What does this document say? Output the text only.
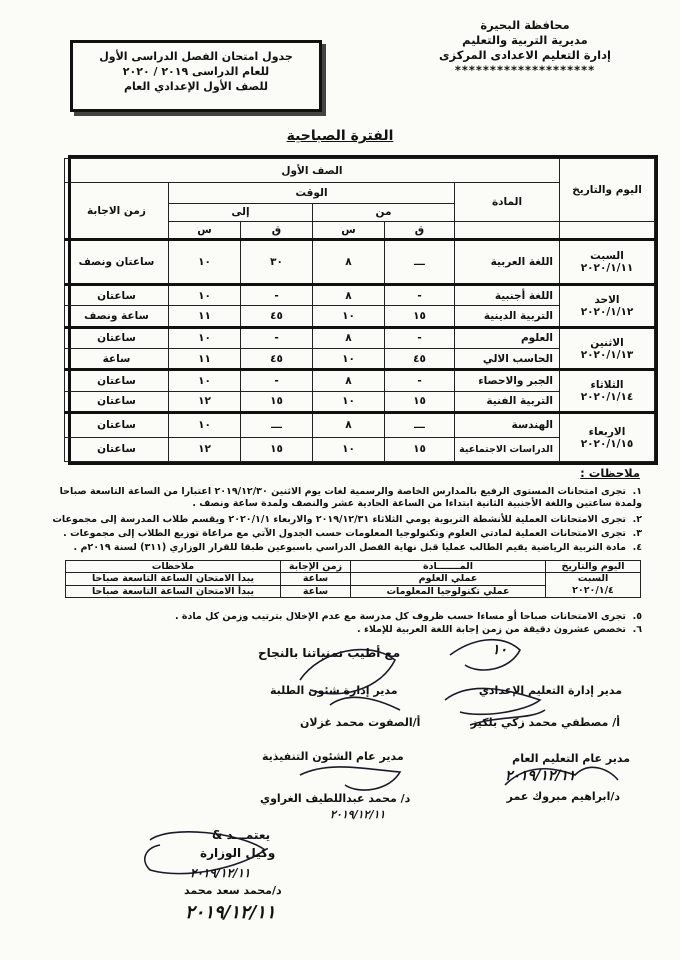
محافظة البحيرة
مديرية التربية والتعليم
إدارة التعليم الاعدادى المركزى
********************
جدول امتحان الفصل الدراسى الأول
للعام الدراسى ٢٠١٩ / ٢٠٢٠
للصف الأول الإعدادي العام
الفترة الصباحية
اليوم والتاريخ	الصف الأول					
	المادة	الوقت				زمن الاجابة
		من		إلى		
		ق	س	ق	س	

السبت
٢٠٢٠/١/١١	اللغة العربية	ـــ	٨	٣٠	١٠	ساعتان ونصف

الاحد
٢٠٢٠/١/١٢	اللغة أجنبية	-	٨	-	١٠	ساعتان
	التربية الدينية	١٥	١٠	٤٥	١١	ساعة ونصف

الاثنين
٢٠٢٠/١/١٣	العلوم	-	٨	-	١٠	ساعتان
	الحاسب الالي	٤٥	١٠	٤٥	١١	ساعة

الثلاثاء
٢٠٢٠/١/١٤	الجبر والاحصاء	-	٨	-	١٠	ساعتان
	التربية الفنية	١٥	١٠	١٥	١٢	ساعتان

الاربعاء
٢٠٢٠/١/١٥	الهندسة	ـــ	٨	ـــ	١٠	ساعتان
	الدراسات الاجتماعية	١٥	١٠	١٥	١٢	ساعتان
ملاحظات :
١.تجرى امتحانات المستوى الرفيع بالمدارس الخاصة والرسمية لغات يوم الاثنين ٢٠١٩/١٢/٣٠ اعتبارا من الساعة التاسعة صباحا ولمدة ساعتين واللغة الأجنبية الثانية ابتداءا من الساعة الحادية عشر والنصف ولمدة ساعة ونصف .
٢.تجرى الامتحانات العملية للأنشطة التربوية يومي الثلاثاء ٢٠١٩/١٢/٣١ والاربعاء ٢٠٢٠/١/١ ويقسم طلاب المدرسة إلى مجموعات
٣.تجرى الامتحانات العملية لمادتي العلوم وتكنولوجيا المعلومات حسب الجدول الآتي مع مراعاة توزيع الطلاب إلى مجموعات .
٤.مادة التربية الرياضية يقيم الطالب عمليا قبل نهاية الفصل الدراسي باسبوعين طبقا للقرار الوزاري (٣١١) لسنة ٢٠١٩م .
اليوم والتاريخ	المـــــــادة	زمن الإجابة	ملاحظات

السبت
٢٠٢٠/١/٤	عملي العلوم	ساعة	يبدأ الامتحان الساعة التاسعة صباحا
	عملي تكنولوجيا المعلومات	ساعة	يبدأ الامتحان الساعة التاسعة صباحا
٥.تجرى الامتحانات صباحا أو مساءا حسب ظروف كل مدرسة مع عدم الإخلال بترتيب وزمن كل مادة .
٦.تخصص عشرون دقيقة من زمن إجابة اللغة العربية للإملاء .
مع أطيب تمنياتنا بالنجاح
مدير إدارة التعليم الإعدادي
أ/ مصطفي محمد زكي بلكيز
مدير إدارة شئون الطلبة
أ/الصفوت محمد غزلان
مدير عام التعليم العام
د/ابراهيم مبروك عمر
مدير عام الشئون التنفيذية
د/ محمد عبداللطيف الغراوي
٢٠١٩/١٢/١١
يعتمـــد &
وكيل الوزارة
د/محمد سعد محمد
٢٠١٩/١٢/١١
١٠
٢٠١٩/١٢/١١
٢٠١٩/١٢/١١
